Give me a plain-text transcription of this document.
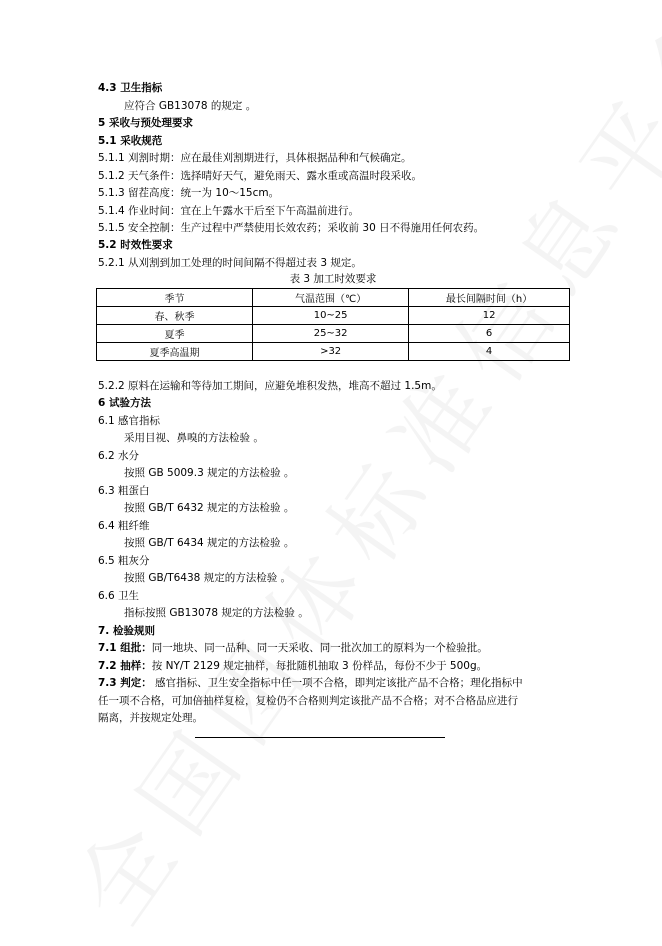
4.3 卫生指标
应符合 GB13078 的规定 。
5 采收与预处理要求
5.1 采收规范
5.1.1 刈割时期：应在最佳刈割期进行，具体根据品种和气候确定。
5.1.2 天气条件：选择晴好天气，避免雨天、露水重或高温时段采收。
5.1.3 留茬高度：统一为 10～15cm。
5.1.4 作业时间：宜在上午露水干后至下午高温前进行。
5.1.5 安全控制：生产过程中严禁使用长效农药；采收前 30 日不得施用任何农药。
5.2 时效性要求
5.2.1 从刈割到加工处理的时间间隔不得超过表 3 规定。
表 3 加工时效要求
季节	气温范围（℃）	最长间隔时间（h）
春、秋季	10~25	12
夏季	25~32	6
夏季高温期	>32	4
5.2.2 原料在运输和等待加工期间，应避免堆积发热，堆高不超过 1.5m。
6 试验方法
6.1 感官指标
采用目视、鼻嗅的方法检验 。
6.2 水分
按照 GB 5009.3 规定的方法检验 。
6.3 粗蛋白
按照 GB/T 6432 规定的方法检验 。
6.4 粗纤维
按照 GB/T 6434 规定的方法检验 。
6.5 粗灰分
按照 GB/T6438 规定的方法检验 。
6.6 卫生
指标按照 GB13078 规定的方法检验 。
7. 检验规则
7.1 组批：同一地块、同一品种、同一天采收、同一批次加工的原料为一个检验批。
7.2 抽样：按 NY/T 2129 规定抽样，每批随机抽取 3 份样品，每份不少于 500g。
7.3 判定： 感官指标、卫生安全指标中任一项不合格，即判定该批产品不合格；理化指标中
任一项不合格，可加倍抽样复检，复检仍不合格则判定该批产品不合格；对不合格品应进行
隔离，并按规定处理。
